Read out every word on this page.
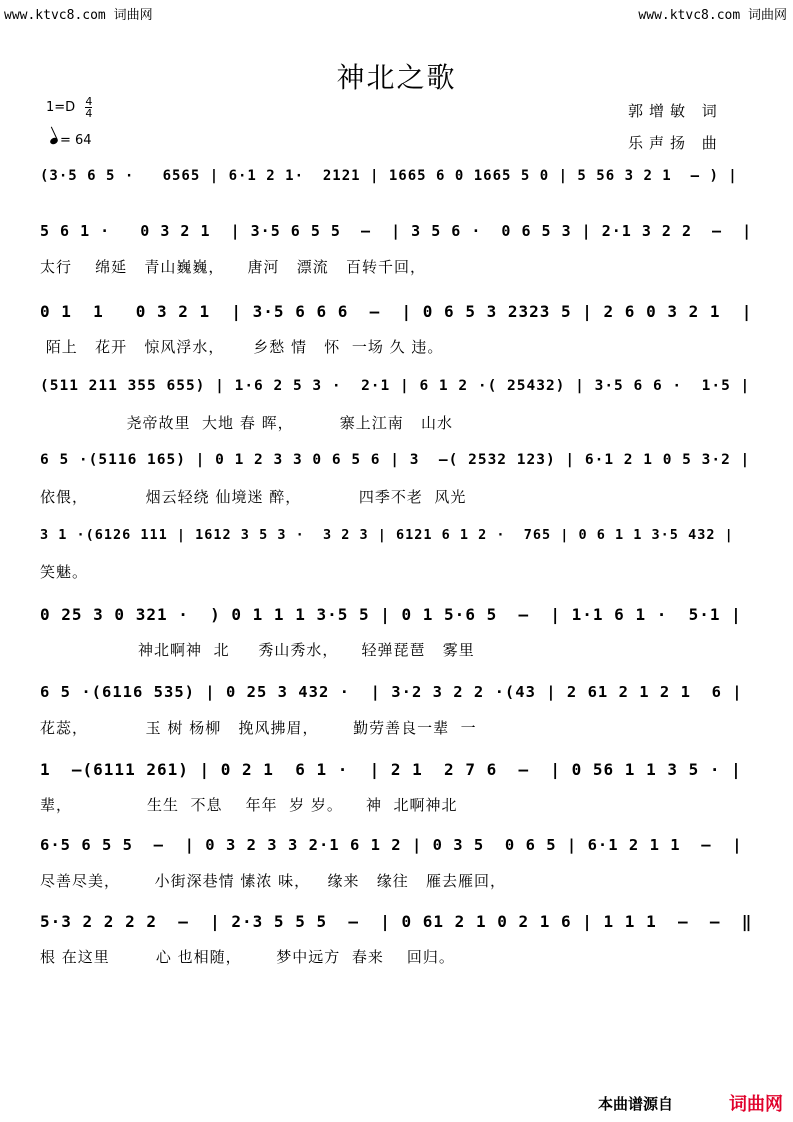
www.ktvc8.com 词曲网	www.ktvc8.com 词曲网
神北之歌
$1=D \frac{4}{4}$
= 64
郭增敏 词
乐声扬 曲
(3·5 6 5 ·   6565 | 6·1 2 1·  2121 | 1665 6 0 1665 5 0 | 5 56 3 2 1  – ) |
5 6 1 ·   0 3 2 1  | 3·5 6 5 5  –  | 3 5 6 ·  0 6 5 3 | 2·1 3 2 2  –  |
太行    绵延   青山巍巍，    唐河   漂流   百转千回，
0 1  1   0 3 2 1  | 3·5 6 6 6  –  | 0 6 5 3 2323 5 | 2 6 0 3 2 1  |
陌上   花开   惊风浮水，     乡愁 情   怀  一场 久 违。
(511 211 355 655) | 1·6 2 5 3 ·  2·1 | 6 1 2 ·( 25432) | 3·5 6 6 ·  1·5 |
尧帝故里  大地 春 晖，        寨上江南   山水
6 5 ·(5116 165) | 0 1 2 3 3 0 6 5 6 | 3  –( 2532 123) | 6·1 2 1 0 5 3·2 |
依偎，          烟云轻绕 仙境迷 醉，          四季不老  风光
3 1 ·(6126 111 | 1612 3 5 3 ·  3 2 3 | 6121 6 1 2 ·  765 | 0 6 1 1 3·5 432 |
笑魅。
0 25 3 0 321 ·  ) 0 1 1 1 3·5 5 | 0 1 5·6 5  –  | 1·1 6 1 ·  5·1 |
神北啊神  北     秀山秀水，    轻弹琵琶   雾里
6 5 ·(6116 535) | 0 25 3 432 ·  | 3·2 3 2 2 ·(43 | 2 61 2 1 2 1  6 |
花蕊，          玉 树 杨柳   挽风拂眉，      勤劳善良一辈  一
1  –(6111 261) | 0 2 1  6 1 ·  | 2 1  2 7 6  –  | 0 56 1 1 3 5 · |
辈，             生生  不息    年年  岁 岁。    神  北啊神北
6·5 6 5 5  –  | 0 3 2 3 3 2·1 6 1 2 | 0 3 5  0 6 5 | 6·1 2 1 1  –  |
尽善尽美，      小街深巷情 愫浓 味，   缘来   缘往   雁去雁回，
5·3 2 2 2 2  –  | 2·3 5 5 5  –  | 0 61 2 1 0 2 1 6 | 1 1 1  –  –  ‖
根 在这里        心 也相随，      梦中远方  春来    回归。
本曲谱源自	词曲网
